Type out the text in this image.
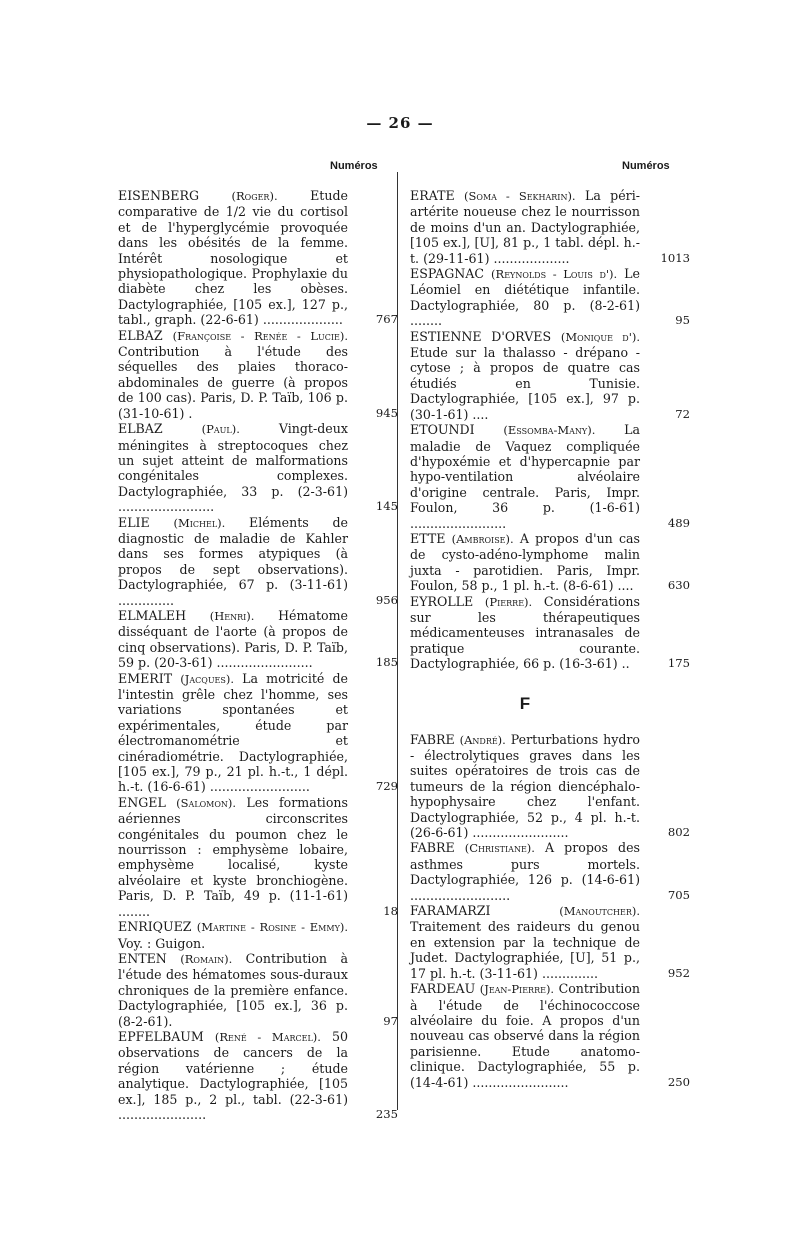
— 26 —
Numéros	Numéros
EISENBERG	(Roger).	Etude comparative de 1/2 vie du cortisol et de l'hyperglycémie provoquée dans les obésités de la femme. Intérêt nosologique et physiopathologique. Prophylaxie du diabète chez les obèses. Dactylographiée, [105 ex.], 127 p., tabl., graph. (22-6-61) ....................	767
ELBAZ (Françoise - Renée - Lucie). Contribution à l'étude des séquelles des plaies thoraco-abdominales de guerre (à propos de 100 cas). Paris, D. P. Taïb, 106 p. (31-10-61) .	945
ELBAZ	(Paul).	Vingt-deux méningites à streptocoques chez un sujet atteint de malformations congénitales complexes. Dactylographiée, 33 p. (2-3-61) ........................	145
ELIE (Michel). Eléments de diagnostic de maladie de Kahler dans ses formes atypiques (à propos de sept observations). Dactylographiée, 67 p. (3-11-61) ..............	956
ELMALEH (Henri). Hématome disséquant de l'aorte (à propos de cinq observations). Paris, D. P. Taïb, 59 p. (20-3-61) ........................	185
EMERIT (Jacques). La motricité de l'intestin grêle chez l'homme, ses variations spontanées et expérimentales, étude par électromanométrie et cinéradiométrie. Dactylographiée, [105 ex.], 79 p., 21 pl. h.-t., 1 dépl. h.-t. (16-6-61) .........................	729
ENGEL (Salomon). Les formations aériennes circonscrites congénitales du poumon chez le nourrisson : emphysème lobaire, emphysème localisé, kyste alvéolaire et kyste bronchiogène. Paris, D. P. Taïb, 49 p. (11-1-61) ........	18
ENRIQUEZ (Martine - Rosine - Emmy). Voy. : Guigon.
ENTEN (Romain). Contribution à l'étude des hématomes sous-duraux chroniques de la première enfance. Dactylographiée, [105 ex.], 36 p. (8-2-61).	97
EPFELBAUM (René - Marcel). 50 observations de cancers de la région vatérienne ; étude analytique. Dactylographiée, [105 ex.], 185 p., 2 pl., tabl. (22-3-61) ......................	235
ERATE (Soma - Sekharin). La péri-artérite noueuse chez le nourrisson de moins d'un an. Dactylographiée, [105 ex.], [U], 81 p., 1 tabl. dépl. h.-t. (29-11-61) ...................	1013
ESPAGNAC (Reynolds - Louis d'). Le Léomiel en diététique infantile. Dactylographiée, 80 p. (8-2-61) ........	95
ESTIENNE D'ORVES (Monique d'). Etude sur la thalasso - drépano - cytose ; à propos de quatre cas étudiés en Tunisie. Dactylographiée, [105 ex.], 97 p. (30-1-61) ....	72
ETOUNDI	(Essomba-Many). La maladie de Vaquez compliquée d'hypoxémie et d'hypercapnie par hypo-ventilation alvéolaire d'origine centrale. Paris, Impr. Foulon, 36 p. (1-6-61) ........................	489
ETTE (Ambroise). A propos d'un cas de cysto-adéno-lymphome malin juxta - parotidien. Paris, Impr. Foulon, 58 p., 1 pl. h.-t. (8-6-61) ....	630
EYROLLE (Pierre). Considérations sur les thérapeutiques médicamenteuses intranasales de pratique courante. Dactylographiée, 66 p. (16-3-61) ..	175
F
FABRE (André). Perturbations hydro - électrolytiques graves dans les suites opératoires de trois cas de tumeurs de la région diencéphalo-hypophysaire chez l'enfant. Dactylographiée, 52 p., 4 pl. h.-t. (26-6-61) ........................	802
FABRE (Christiane). A propos des asthmes purs mortels. Dactylographiée, 126 p. (14-6-61) .........................	705
FARAMARZI	(Manoutcher). Traitement des raideurs du genou en extension par la technique de Judet. Dactylographiée, [U], 51 p., 17 pl. h.-t. (3-11-61) ..............	952
FARDEAU (Jean-Pierre). Contribution à l'étude de l'échinococcose alvéolaire du foie. A propos d'un nouveau cas observé dans la région parisienne. Etude anatomo-clinique. Dactylographiée, 55 p. (14-4-61) ........................	250
